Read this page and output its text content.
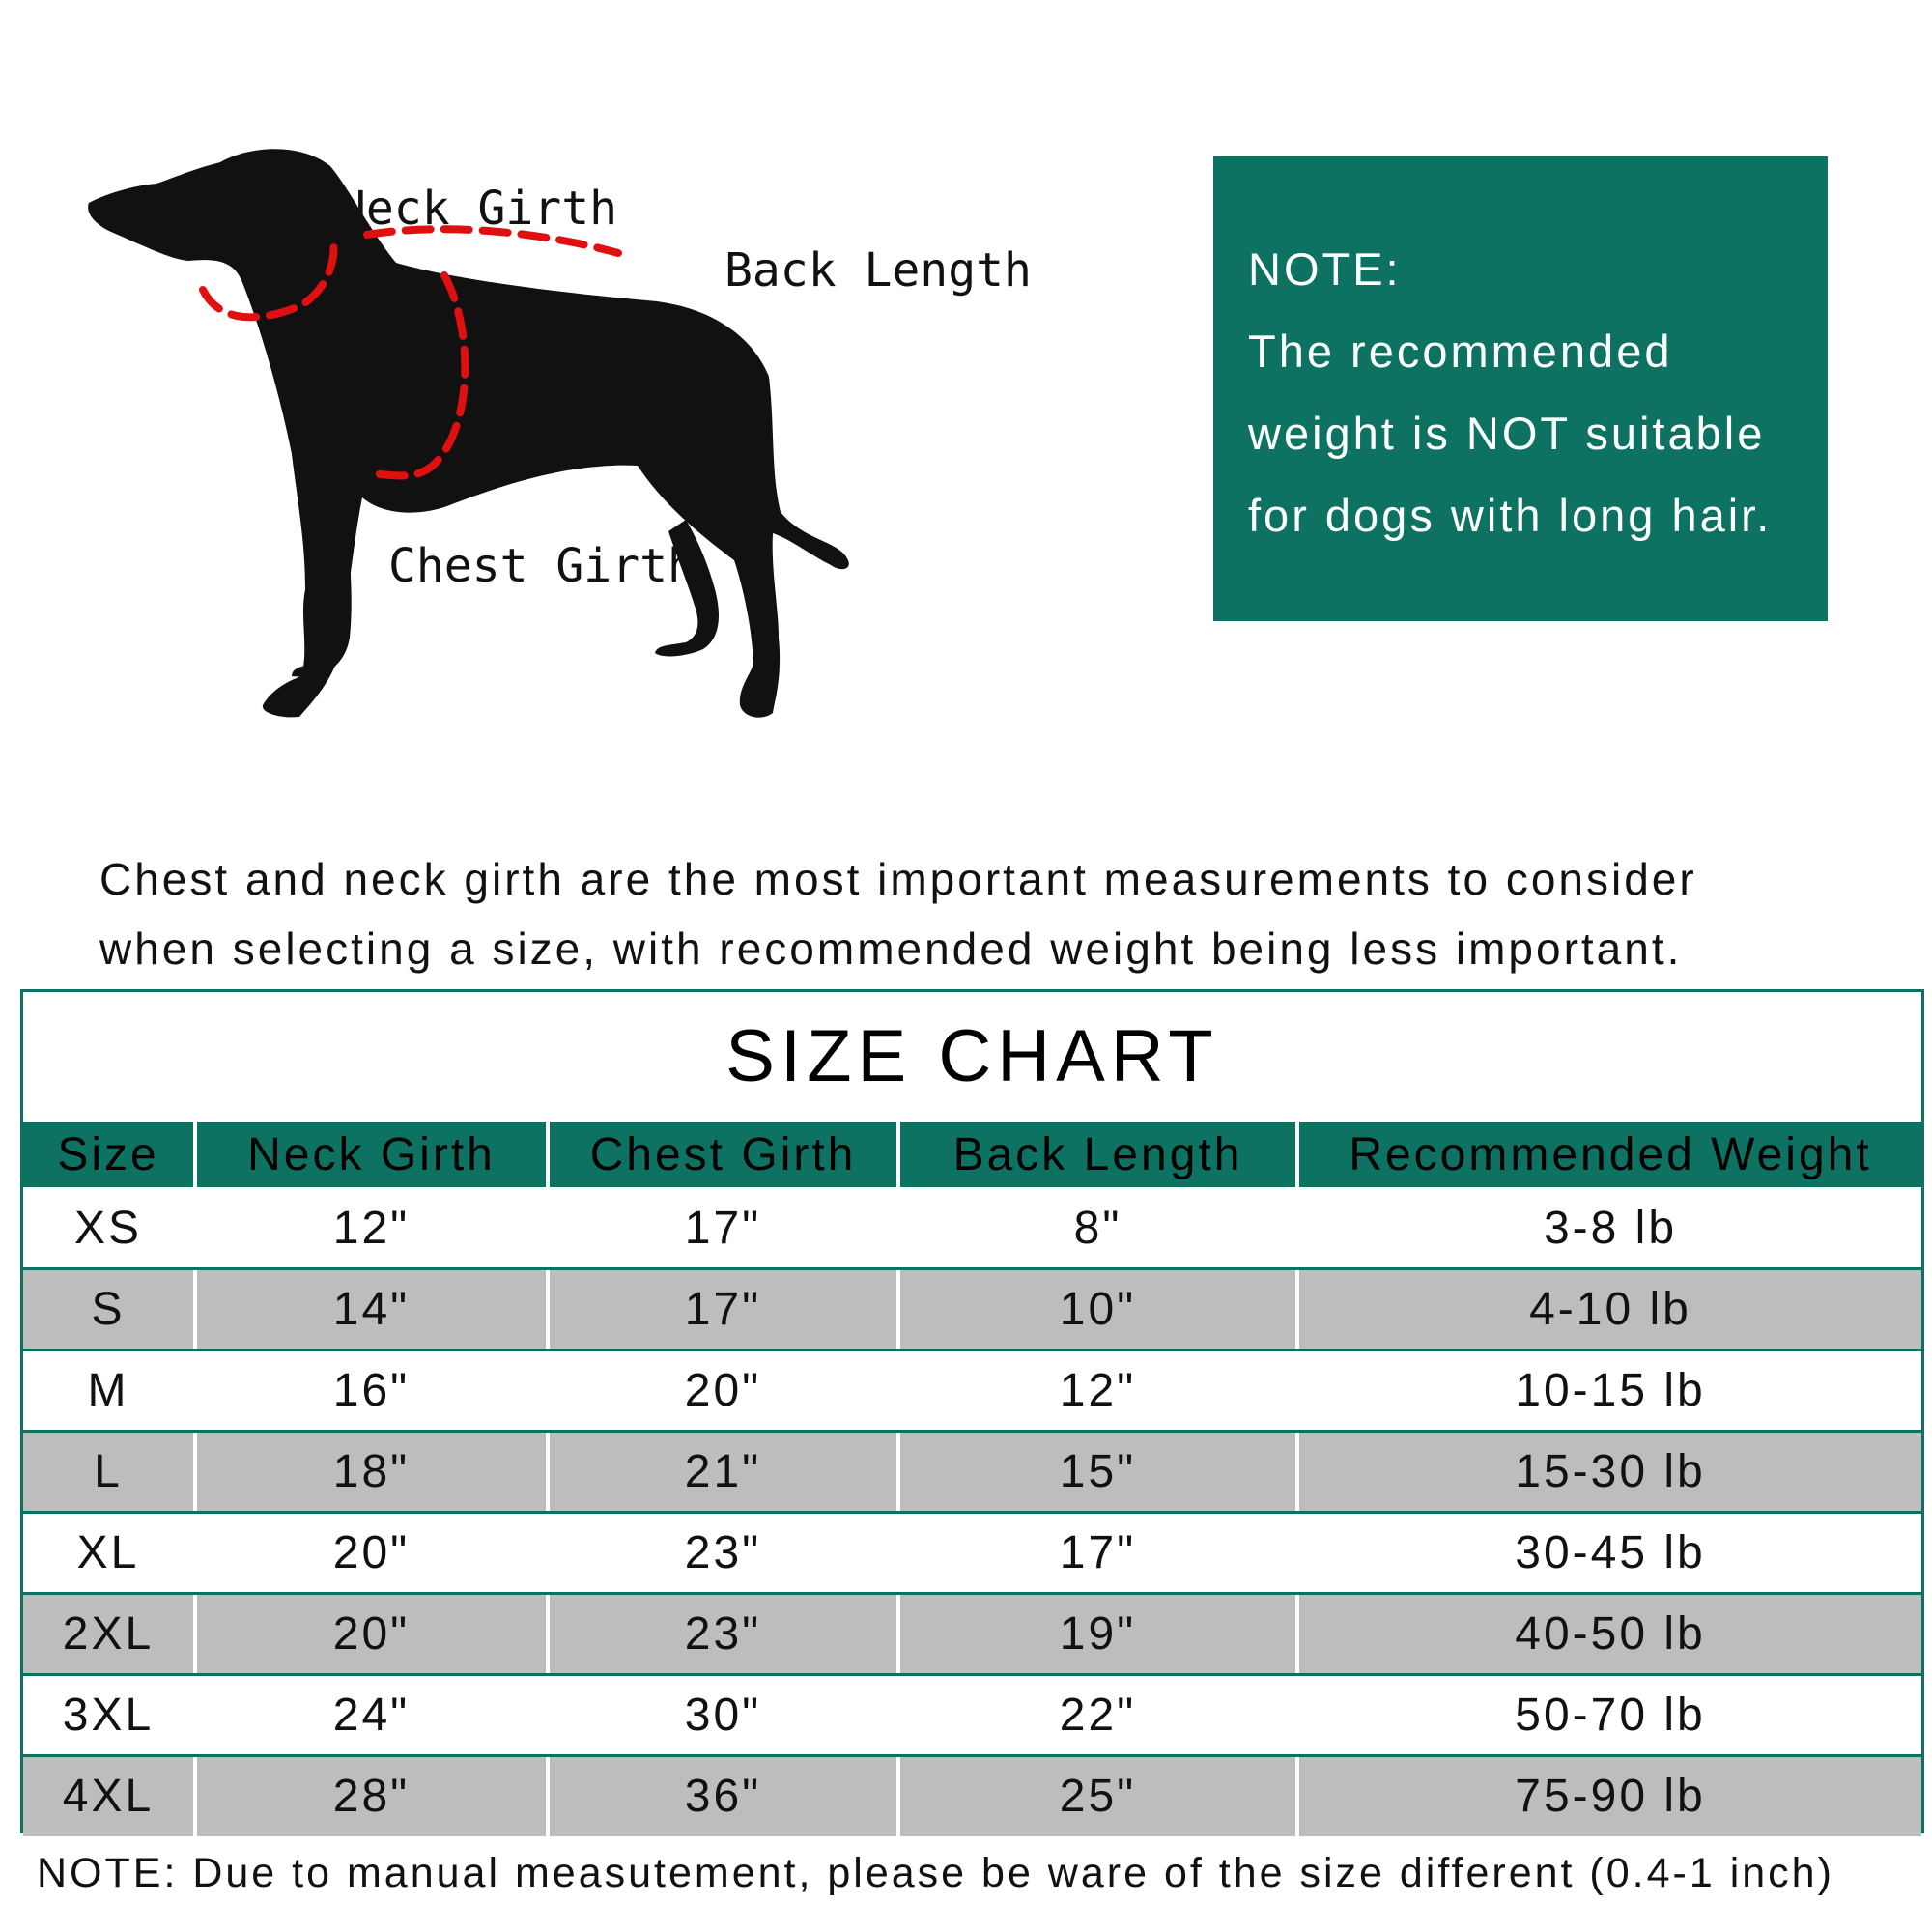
Neck Girth
Back Length
Chest Girth
NOTE:
The recommended
weight is NOT suitable
for dogs with long hair.
Chest and neck girth are the most important measurements to consider
when selecting a size, with recommended weight being less important.
SIZE CHART
Size	Neck Girth	Chest Girth	Back Length	Recommended Weight
XS	12"	17"	8"	3-8 lb
S	14"	17"	10"	4-10 lb
M	16"	20"	12"	10-15 lb
L	18"	21"	15"	15-30 lb
XL	20"	23"	17"	30-45 lb
2XL	20"	23"	19"	40-50 lb
3XL	24"	30"	22"	50-70 lb
4XL	28"	36"	25"	75-90 lb
NOTE: Due to manual measutement, please be ware of the size different (0.4-1 inch)
